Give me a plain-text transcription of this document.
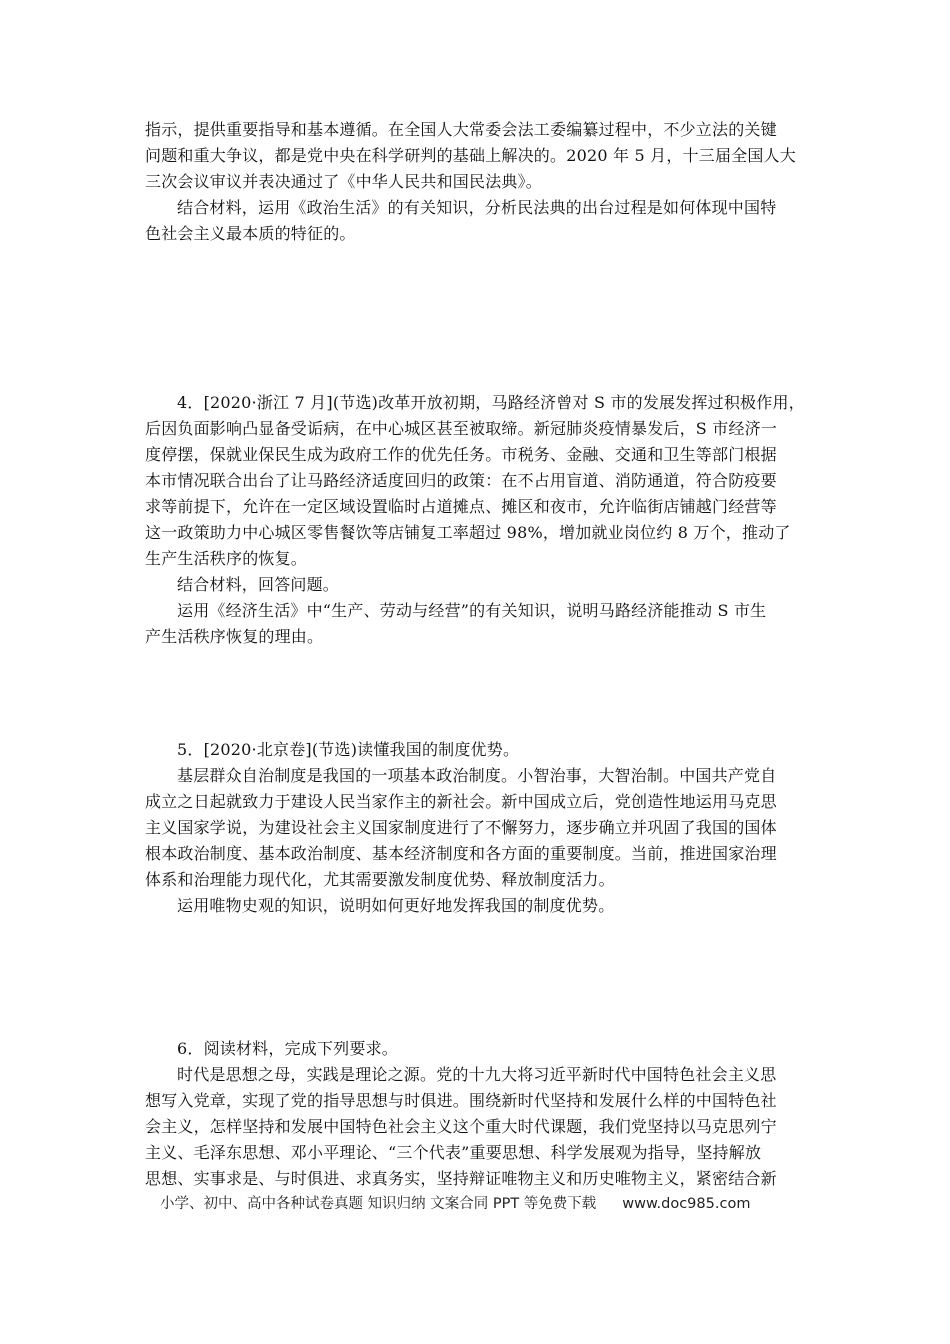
指示，提供重要指导和基本遵循。在全国人大常委会法工委编纂过程中，不少立法的关键
问题和重大争议，都是党中央在科学研判的基础上解决的。2020 年 5 月，十三届全国人大
三次会议审议并表决通过了《中华人民共和国民法典》。
结合材料，运用《政治生活》的有关知识，分析民法典的出台过程是如何体现中国特
色社会主义最本质的特征的。
4．[2020·浙江 7 月](节选)改革开放初期，马路经济曾对 S 市的发展发挥过积极作用，
后因负面影响凸显备受诟病，在中心城区甚至被取缔。新冠肺炎疫情暴发后，S 市经济一
度停摆，保就业保民生成为政府工作的优先任务。市税务、金融、交通和卫生等部门根据
本市情况联合出台了让马路经济适度回归的政策：在不占用盲道、消防通道，符合防疫要
求等前提下，允许在一定区域设置临时占道摊点、摊区和夜市，允许临街店铺越门经营等
这一政策助力中心城区零售餐饮等店铺复工率超过 98%，增加就业岗位约 8 万个，推动了
生产生活秩序的恢复。
结合材料，回答问题。
运用《经济生活》中“生产、劳动与经营”的有关知识，说明马路经济能推动 S 市生
产生活秩序恢复的理由。
5．[2020·北京卷](节选)读懂我国的制度优势。
基层群众自治制度是我国的一项基本政治制度。小智治事，大智治制。中国共产党自
成立之日起就致力于建设人民当家作主的新社会。新中国成立后，党创造性地运用马克思
主义国家学说，为建设社会主义国家制度进行了不懈努力，逐步确立并巩固了我国的国体
根本政治制度、基本政治制度、基本经济制度和各方面的重要制度。当前，推进国家治理
体系和治理能力现代化，尤其需要激发制度优势、释放制度活力。
运用唯物史观的知识，说明如何更好地发挥我国的制度优势。
6．阅读材料，完成下列要求。
时代是思想之母，实践是理论之源。党的十九大将习近平新时代中国特色社会主义思
想写入党章，实现了党的指导思想与时俱进。围绕新时代坚持和发展什么样的中国特色社
会主义，怎样坚持和发展中国特色社会主义这个重大时代课题，我们党坚持以马克思列宁
主义、毛泽东思想、邓小平理论、“三个代表”重要思想、科学发展观为指导，坚持解放
思想、实事求是、与时俱进、求真务实，坚持辩证唯物主义和历史唯物主义，紧密结合新
小学、初中、高中各种试卷真题 知识归纳 文案合同 PPT 等免费下载 www.doc985.com
